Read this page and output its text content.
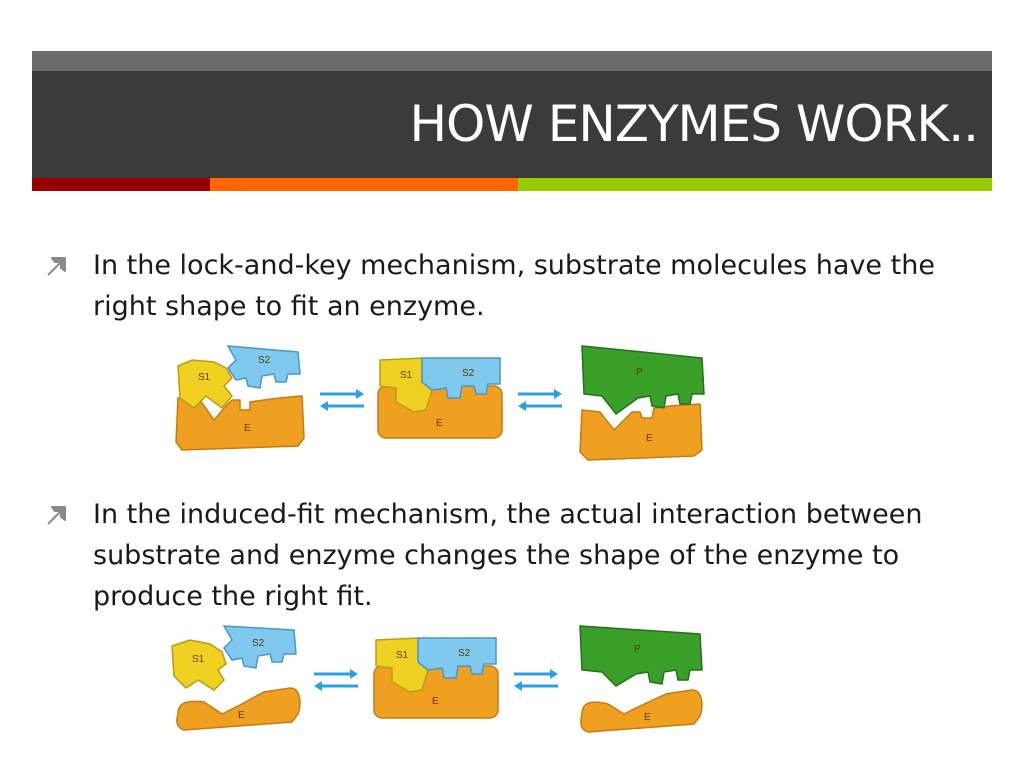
HOW ENZYMES WORK..
In the lock-and-key mechanism, substrate molecules have the right shape to fit an enzyme.
S1
S2
E
S1	S2
E
P
E
In the induced-fit mechanism, the actual interaction between substrate and enzyme changes the shape of the enzyme to produce the right fit.
S1
S2
E
S1	S2
E
P
E
